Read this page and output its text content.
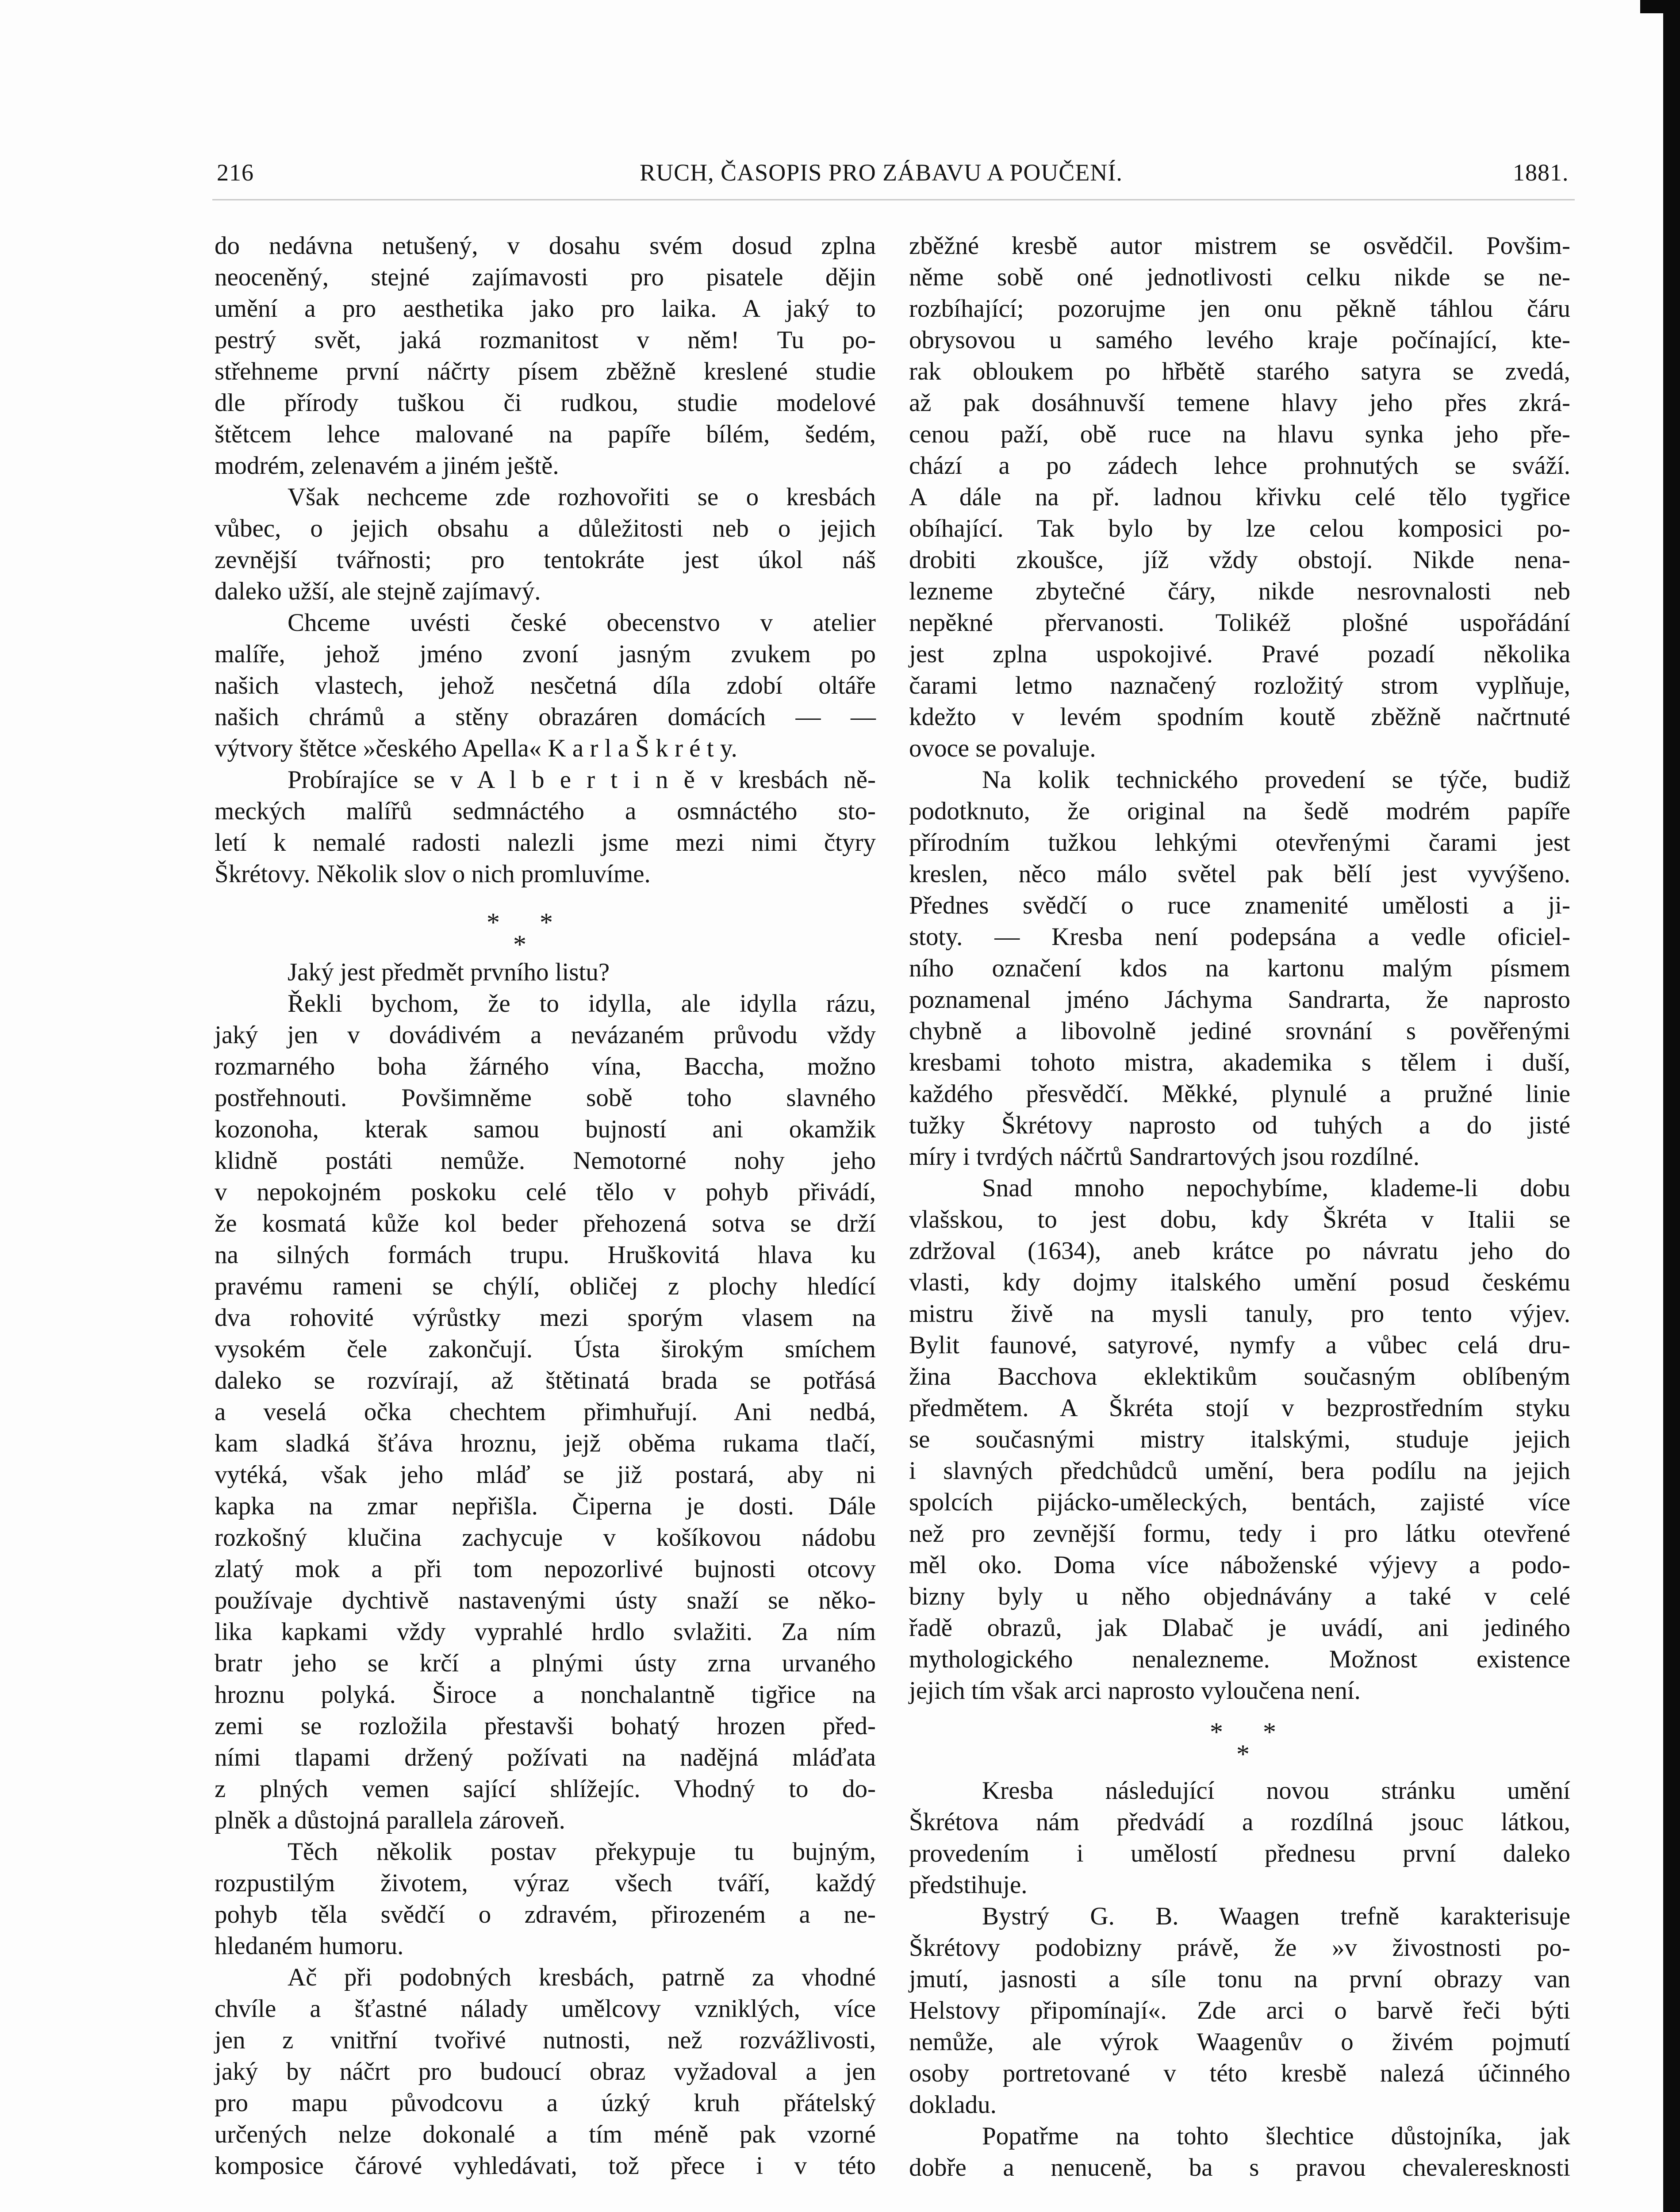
216	RUCH, ČASOPIS PRO ZÁBAVU A POUČENÍ.	1881.
do nedávna netušený, v dosahu svém dosud zplna
neoceněný, stejné zajímavosti pro pisatele dějin
umění a pro aesthetika jako pro laika. A jaký to
pestrý svět, jaká rozmanitost v něm! Tu po-
střehneme první náčrty písem zběžně kreslené studie
dle přírody tuškou či rudkou, studie modelové
štětcem lehce malované na papíře bílém, šedém,
modrém, zelenavém a jiném ještě.
Však nechceme zde rozhovořiti se o kresbách
vůbec, o jejich obsahu a důležitosti neb o jejich
zevnější tvářnosti; pro tentokráte jest úkol náš
daleko užší, ale stejně zajímavý.
Chceme uvésti české obecenstvo v atelier
malíře, jehož jméno zvoní jasným zvukem po
našich vlastech, jehož nesčetná díla zdobí oltáře
našich chrámů a stěny obrazáren domácích — —
výtvory štětce »českého Apella« K a r l a Š k r é t y.
Probírajíce se v A l b e r t i n ě v kresbách ně-
meckých malířů sedmnáctého a osmnáctého sto-
letí k nemalé radosti nalezli jsme mezi nimi čtyry
Škrétovy. Několik slov o nich promluvíme.
*      *
*
Jaký jest předmět prvního listu?
Řekli bychom, že to idylla, ale idylla rázu,
jaký jen v dovádivém a nevázaném průvodu vždy
rozmarného boha žárného vína, Baccha, možno
postřehnouti. Povšimněme sobě toho slavného
kozonoha, kterak samou bujností ani okamžik
klidně postáti nemůže. Nemotorné nohy jeho
v nepokojném poskoku celé tělo v pohyb přivádí,
že kosmatá kůže kol beder přehozená sotva se drží
na silných formách trupu. Hruškovitá hlava ku
pravému rameni se chýlí, obličej z plochy hledící
dva rohovité výrůstky mezi sporým vlasem na
vysokém čele zakončují. Ústa širokým smíchem
daleko se rozvírají, až štětinatá brada se potřásá
a veselá očka chechtem přimhuřují. Ani nedbá,
kam sladká šťáva hroznu, jejž oběma rukama tlačí,
vytéká, však jeho mláď se již postará, aby ni
kapka na zmar nepřišla. Čiperna je dosti. Dále
rozkošný klučina zachycuje v košíkovou nádobu
zlatý mok a při tom nepozorlivé bujnosti otcovy
používaje dychtivě nastavenými ústy snaží se něko-
lika kapkami vždy vyprahlé hrdlo svlažiti. Za ním
bratr jeho se krčí a plnými ústy zrna urvaného
hroznu polyká. Široce a nonchalantně tigřice na
zemi se rozložila přestavši bohatý hrozen před-
ními tlapami držený požívati na nadějná mláďata
z plných vemen sající shlížejíc. Vhodný to do-
plněk a důstojná parallela zároveň.
Těch několik postav překypuje tu bujným,
rozpustilým životem, výraz všech tváří, každý
pohyb těla svědčí o zdravém, přirozeném a ne-
hledaném humoru.
Ač při podobných kresbách, patrně za vhodné
chvíle a šťastné nálady umělcovy vzniklých, více
jen z vnitřní tvořivé nutnosti, než rozvážlivosti,
jaký by náčrt pro budoucí obraz vyžadoval a jen
pro mapu původcovu a úzký kruh přátelský
určených nelze dokonalé a tím méně pak vzorné
komposice čárové vyhledávati, tož přece i v této
zběžné kresbě autor mistrem se osvědčil. Povšim-
něme sobě oné jednotlivosti celku nikde se ne-
rozbíhající; pozorujme jen onu pěkně táhlou čáru
obrysovou u samého levého kraje počínající, kte-
rak obloukem po hřbětě starého satyra se zvedá,
až pak dosáhnuvší temene hlavy jeho přes zkrá-
cenou paží, obě ruce na hlavu synka jeho pře-
chází a po zádech lehce prohnutých se sváží.
A dále na př. ladnou křivku celé tělo tygřice
obíhající. Tak bylo by lze celou komposici po-
drobiti zkoušce, jíž vždy obstojí. Nikde nena-
lezneme zbytečné čáry, nikde nesrovnalosti neb
nepěkné přervanosti. Tolikéž plošné uspořádání
jest zplna uspokojivé. Pravé pozadí několika
čarami letmo naznačený rozložitý strom vyplňuje,
kdežto v levém spodním koutě zběžně načrtnuté
ovoce se povaluje.
Na kolik technického provedení se týče, budiž
podotknuto, že original na šedě modrém papíře
přírodním tužkou lehkými otevřenými čarami jest
kreslen, něco málo světel pak bělí jest vyvýšeno.
Přednes svědčí o ruce znamenité umělosti a ji-
stoty. — Kresba není podepsána a vedle oficiel-
ního označení kdos na kartonu malým písmem
poznamenal jméno Jáchyma Sandrarta, že naprosto
chybně a libovolně jediné srovnání s pověřenými
kresbami tohoto mistra, akademika s tělem i duší,
každého přesvědčí. Měkké, plynulé a pružné linie
tužky Škrétovy naprosto od tuhých a do jisté
míry i tvrdých náčrtů Sandrartových jsou rozdílné.
Snad mnoho nepochybíme, klademe-li dobu
vlašskou, to jest dobu, kdy Škréta v Italii se
zdržoval (1634), aneb krátce po návratu jeho do
vlasti, kdy dojmy italského umění posud českému
mistru živě na mysli tanuly, pro tento výjev.
Bylit faunové, satyrové, nymfy a vůbec celá dru-
žina Bacchova eklektikům současným oblíbeným
předmětem. A Škréta stojí v bezprostředním styku
se současnými mistry italskými, studuje jejich
i slavných předchůdců umění, bera podílu na jejich
spolcích pijácko-uměleckých, bentách, zajisté více
než pro zevnější formu, tedy i pro látku otevřené
měl oko. Doma více náboženské výjevy a podo-
bizny byly u něho objednávány a také v celé
řadě obrazů, jak Dlabač je uvádí, ani jediného
mythologického nenalezneme. Možnost existence
jejich tím však arci naprosto vyloučena není.
*      *
*
Kresba následující novou stránku umění
Škrétova nám předvádí a rozdílná jsouc látkou,
provedením i umělostí přednesu první daleko
předstihuje.
Bystrý G. B. Waagen trefně karakterisuje
Škrétovy podobizny právě, že »v živostnosti po-
jmutí, jasnosti a síle tonu na první obrazy van
Helstovy připomínají«. Zde arci o barvě řeči býti
nemůže, ale výrok Waagenův o živém pojmutí
osoby portretované v této kresbě nalezá účinného
dokladu.
Popatřme na tohto šlechtice důstojníka, jak
dobře a nenuceně, ba s pravou chevaleresknosti
